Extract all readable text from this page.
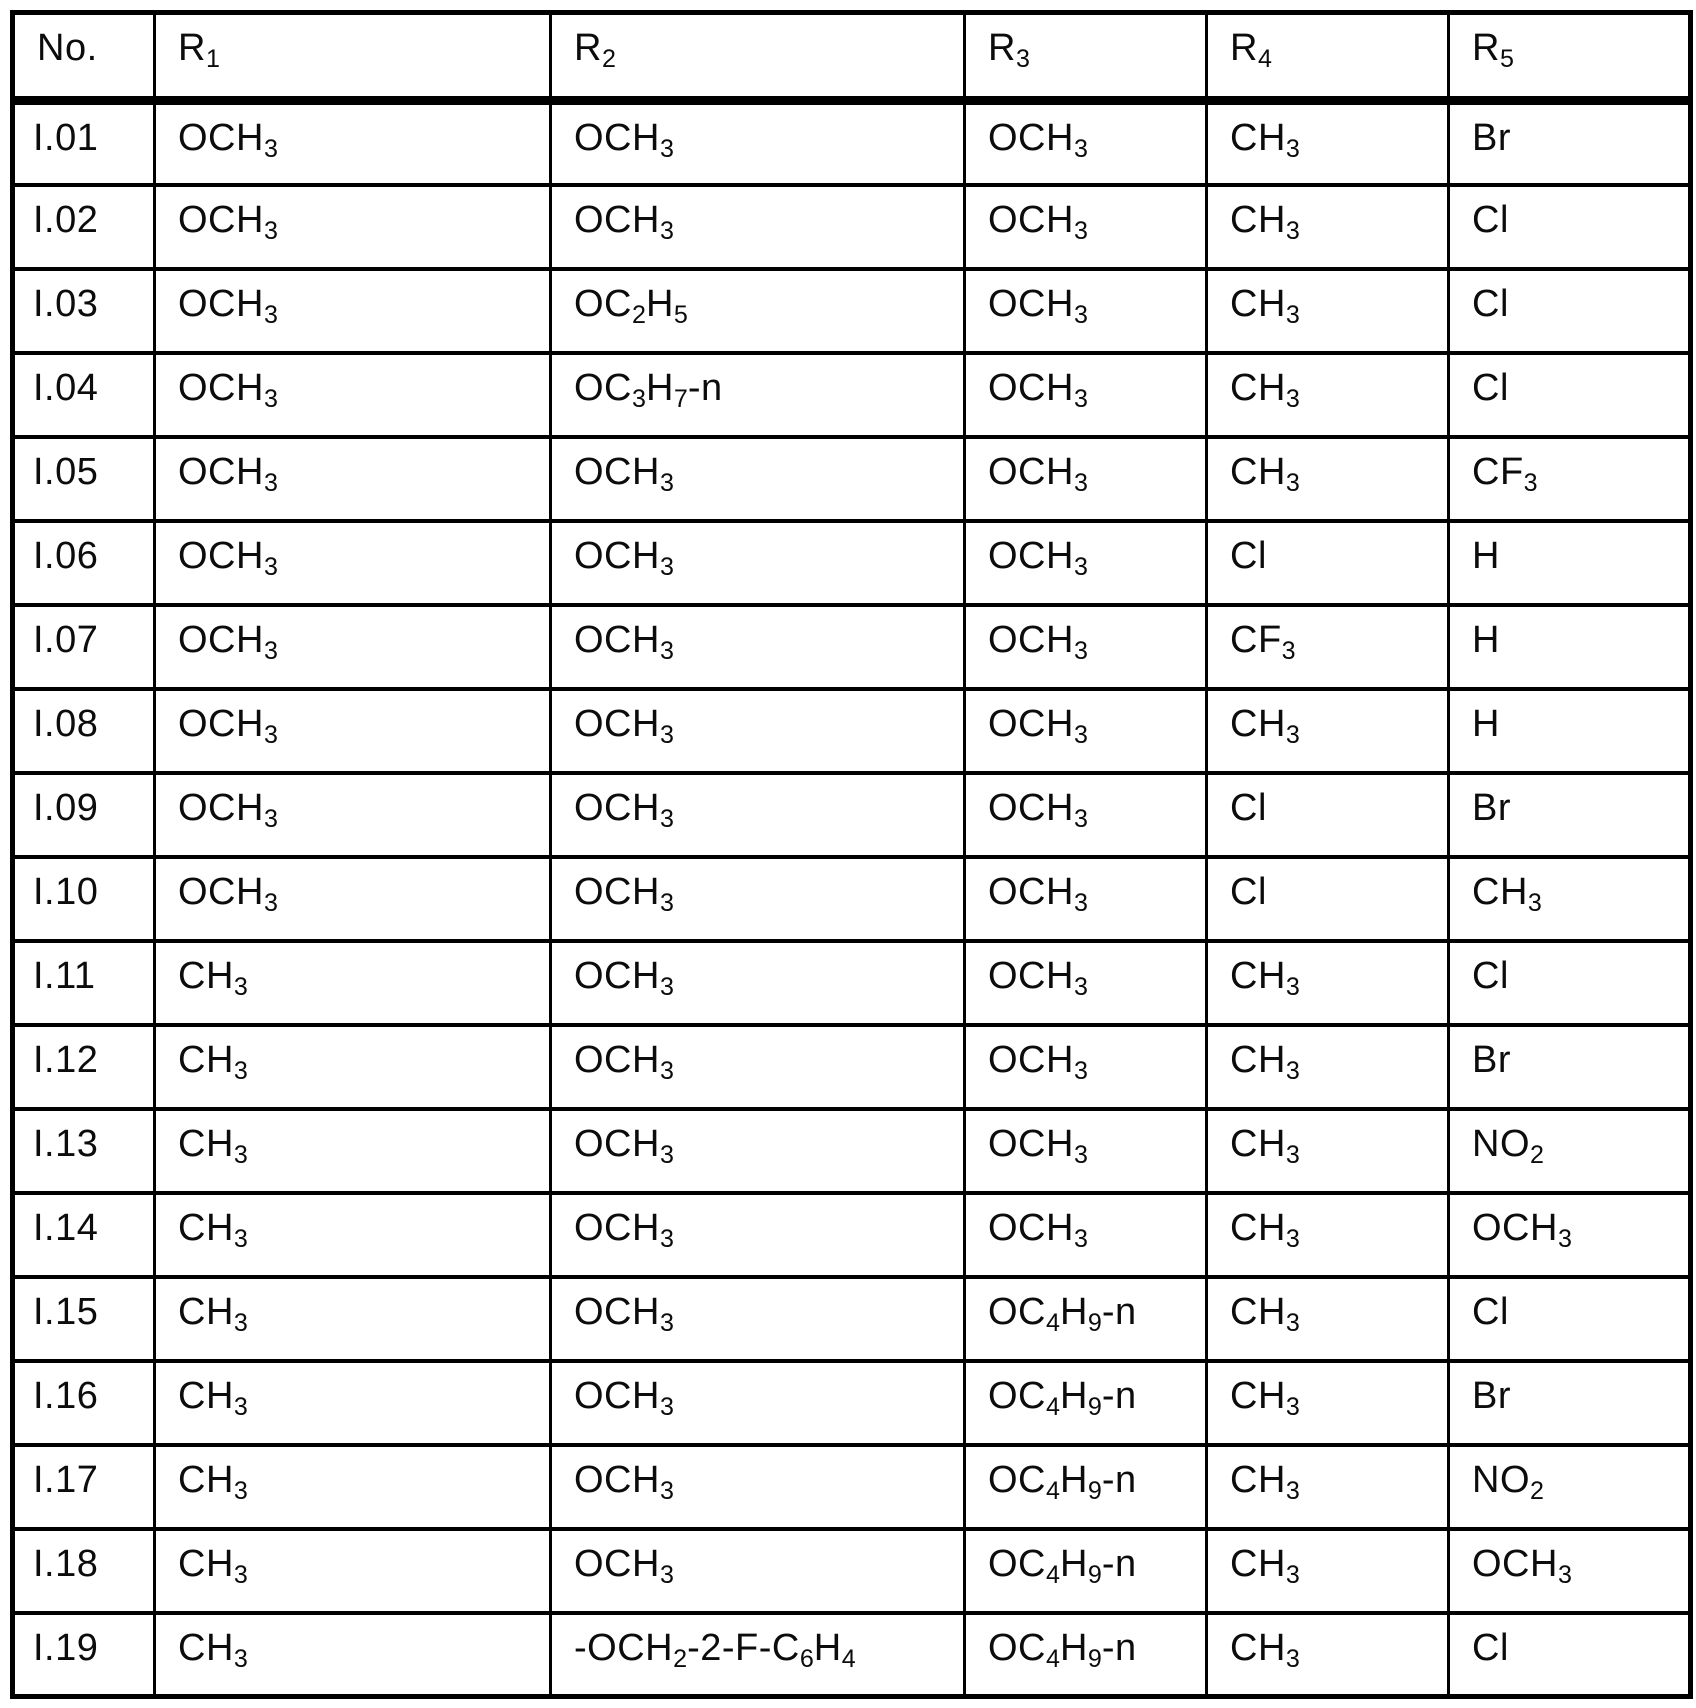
No.	$R_1$	$R_2$	$R_3$	$R_4$	$R_5$
I.01	$OCH_3$	$OCH_3$	$OCH_3$	$CH_3$	Br
I.02	$OCH_3$	$OCH_3$	$OCH_3$	$CH_3$	Cl
I.03	$OCH_3$	$OC_2H_5$	$OCH_3$	$CH_3$	Cl
I.04	$OCH_3$	$OC_3H_7-n$	$OCH_3$	$CH_3$	Cl
I.05	$OCH_3$	$OCH_3$	$OCH_3$	$CH_3$	$CF_3$
I.06	$OCH_3$	$OCH_3$	$OCH_3$	Cl	H
I.07	$OCH_3$	$OCH_3$	$OCH_3$	$CF_3$	H
I.08	$OCH_3$	$OCH_3$	$OCH_3$	$CH_3$	H
I.09	$OCH_3$	$OCH_3$	$OCH_3$	Cl	Br
I.10	$OCH_3$	$OCH_3$	$OCH_3$	Cl	$CH_3$
I.11	$CH_3$	$OCH_3$	$OCH_3$	$CH_3$	Cl
I.12	$CH_3$	$OCH_3$	$OCH_3$	$CH_3$	Br
I.13	$CH_3$	$OCH_3$	$OCH_3$	$CH_3$	$NO_2$
I.14	$CH_3$	$OCH_3$	$OCH_3$	$CH_3$	$OCH_3$
I.15	$CH_3$	$OCH_3$	$OC_4H_9-n$	$CH_3$	Cl
I.16	$CH_3$	$OCH_3$	$OC_4H_9-n$	$CH_3$	Br
I.17	$CH_3$	$OCH_3$	$OC_4H_9-n$	$CH_3$	$NO_2$
I.18	$CH_3$	$OCH_3$	$OC_4H_9-n$	$CH_3$	$OCH_3$
I.19	$CH_3$	$-OCH_2-2-F-C_6H_4$	$OC_4H_9-n$	$CH_3$	Cl
